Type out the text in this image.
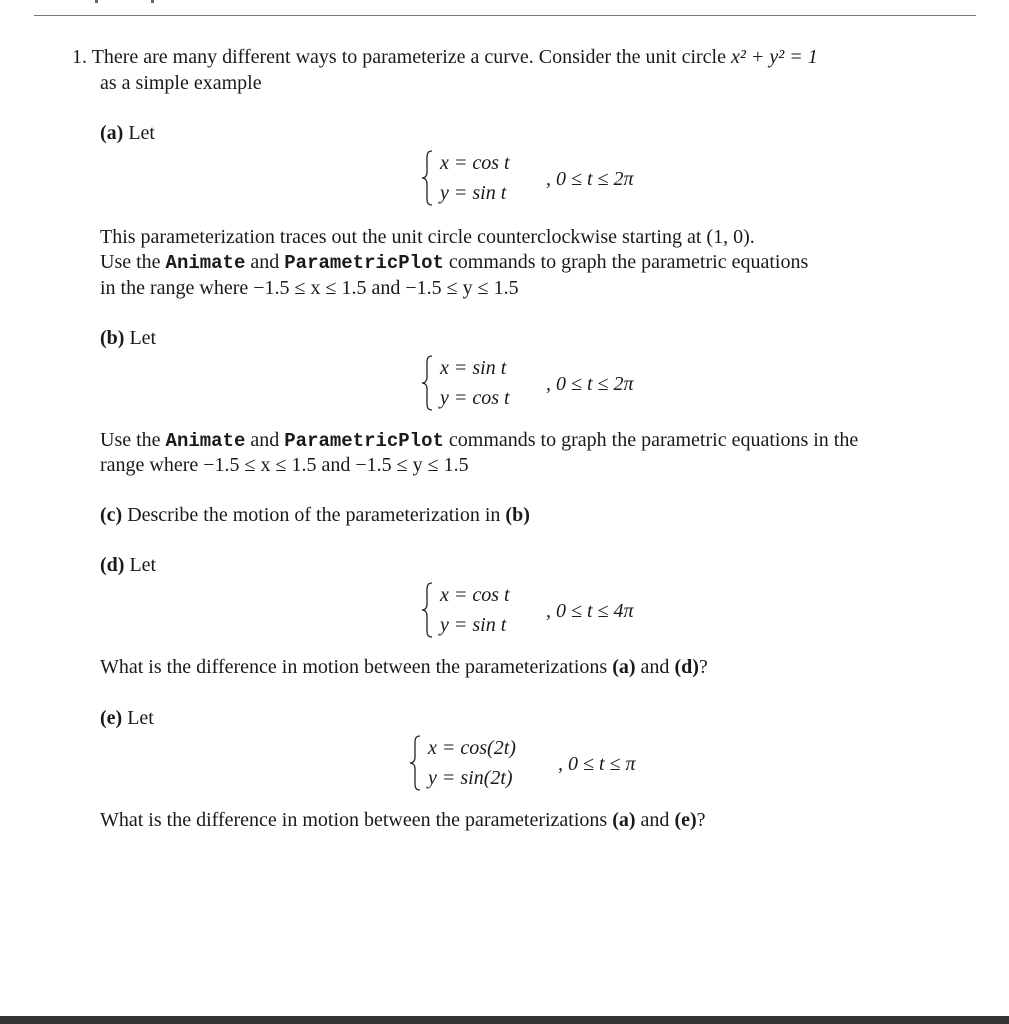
1. There are many different ways to parameterize a curve. Consider the unit circle x² + y² = 1
as a simple example
(a) Let
x = cos t
y = sin t
, 0 ≤ t ≤ 2π
This parameterization traces out the unit circle counterclockwise starting at (1, 0).
Use the Animate and ParametricPlot commands to graph the parametric equations
in the range where −1.5 ≤ x ≤ 1.5 and −1.5 ≤ y ≤ 1.5
(b) Let
x = sin t
y = cos t
, 0 ≤ t ≤ 2π
Use the Animate and ParametricPlot commands to graph the parametric equations in the
range where −1.5 ≤ x ≤ 1.5 and −1.5 ≤ y ≤ 1.5
(c) Describe the motion of the parameterization in (b)
(d) Let
x = cos t
y = sin t
, 0 ≤ t ≤ 4π
What is the difference in motion between the parameterizations (a) and (d)?
(e) Let
x = cos(2t)
y = sin(2t)
, 0 ≤ t ≤ π
What is the difference in motion between the parameterizations (a) and (e)?
